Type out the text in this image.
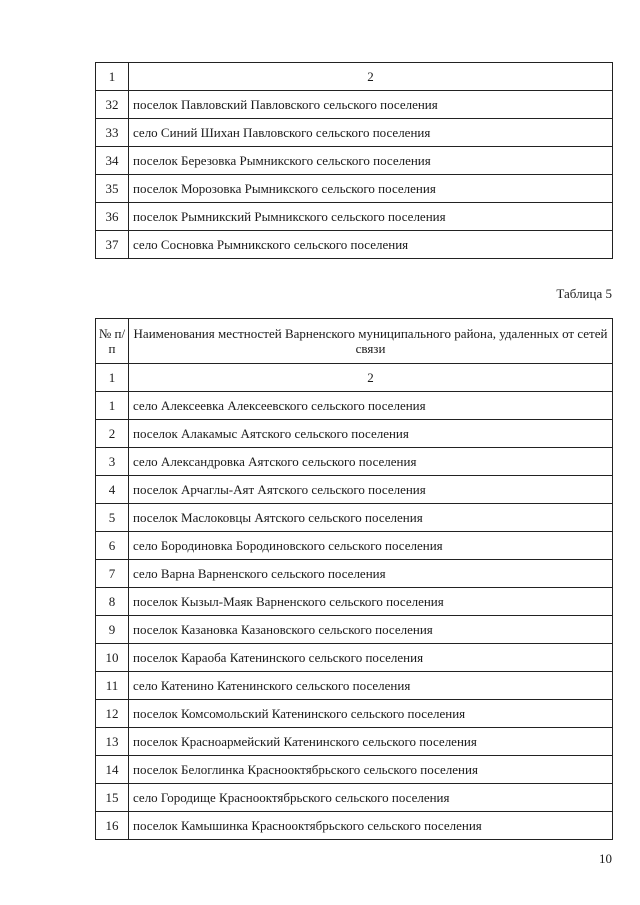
1	2
32	поселок Павловский Павловского сельского поселения
33	село Синий Шихан Павловского сельского поселения
34	поселок Березовка Рымникского сельского поселения
35	поселок Морозовка Рымникского сельского поселения
36	поселок Рымникский Рымникского сельского поселения
37	село Сосновка Рымникского сельского поселения
Таблица 5
№ п/п	Наименования местностей Варненского муниципального района, удаленных от сетей связи
1	2
1	село Алексеевка Алексеевского сельского поселения
2	поселок Алакамыс Аятского сельского поселения
3	село Александровка Аятского сельского поселения
4	поселок Арчаглы-Аят Аятского сельского поселения
5	поселок Маслоковцы Аятского сельского поселения
6	село Бородиновка Бородиновского сельского поселения
7	село Варна Варненского сельского поселения
8	поселок Кызыл-Маяк Варненского сельского поселения
9	поселок Казановка Казановского сельского поселения
10	поселок Караоба Катенинского сельского поселения
11	село Катенино Катенинского сельского поселения
12	поселок Комсомольский Катенинского сельского поселения
13	поселок Красноармейский Катенинского сельского поселения
14	поселок Белоглинка Краснооктябрьского сельского поселения
15	село Городище Краснооктябрьского сельского поселения
16	поселок Камышинка Краснооктябрьского сельского поселения
10
